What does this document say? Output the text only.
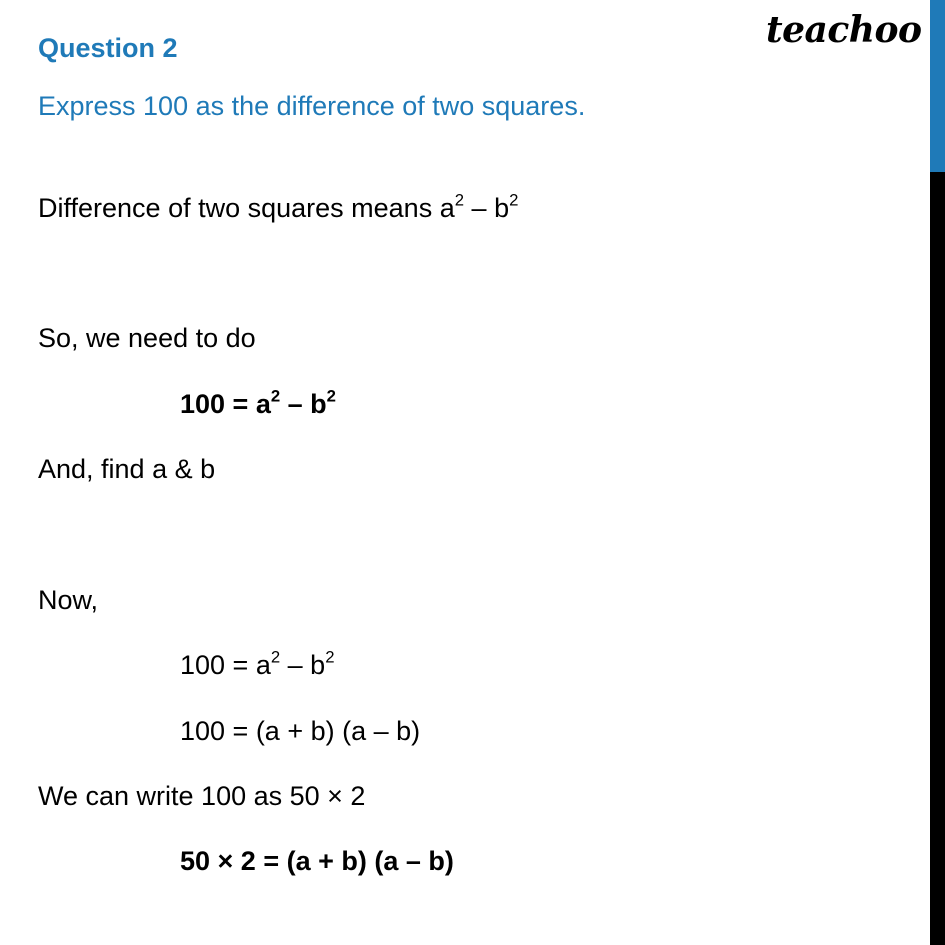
teachoo
Question 2
Express 100 as the difference of two squares.
Difference of two squares means $a^2 - b^2$
So, we need to do
$100 = a^2 - b^2$
And, find a & b
Now,
$100 = a^2 - b^2$
100 = (a + b) (a – b)
We can write 100 as 50 × 2
50 × 2 = (a + b) (a – b)
